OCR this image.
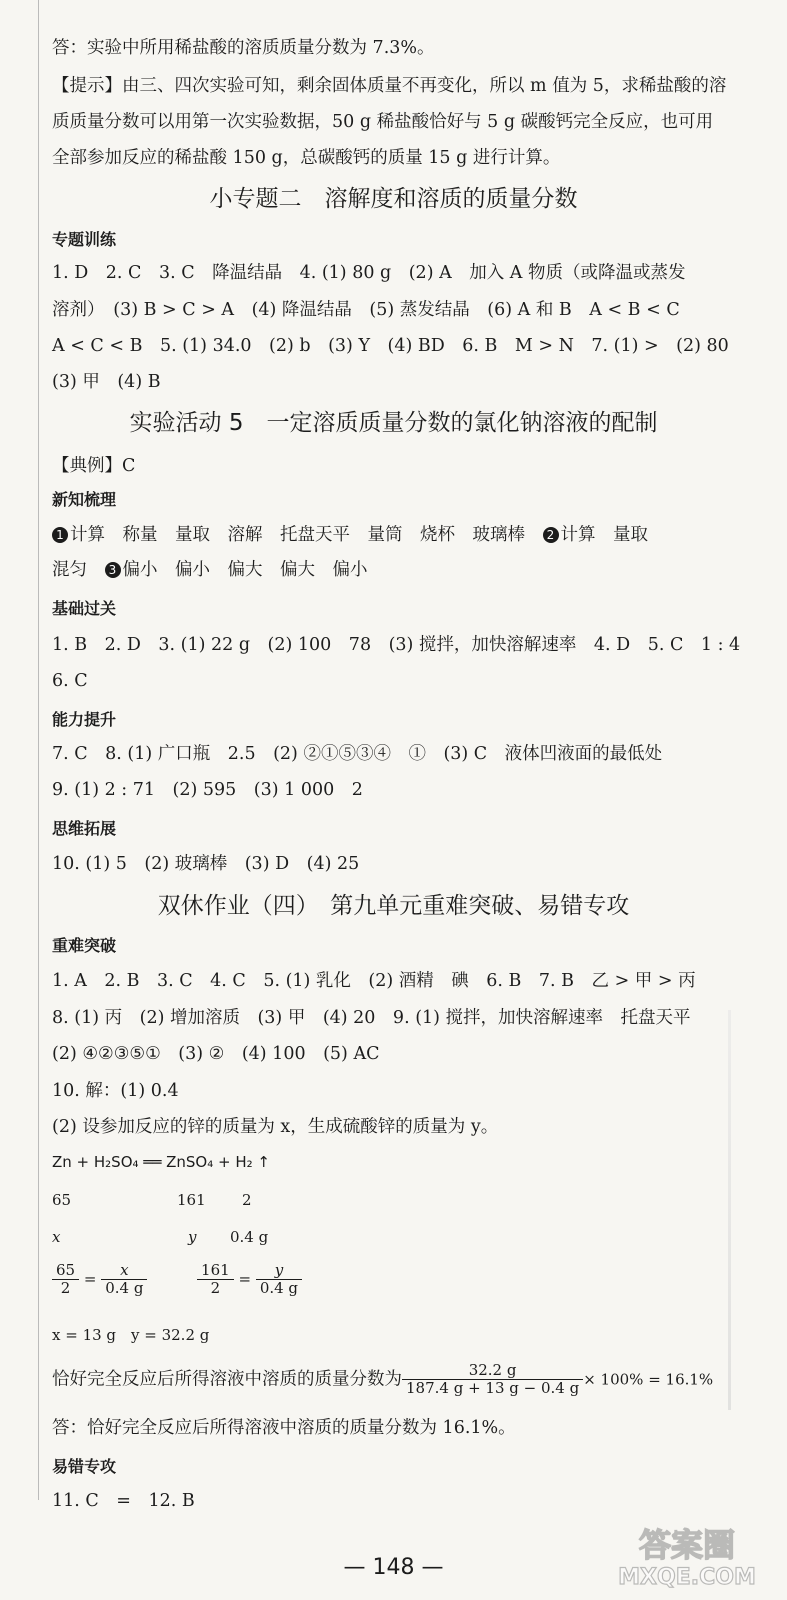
答：实验中所用稀盐酸的溶质质量分数为 7.3%。
【提示】由三、四次实验可知，剩余固体质量不再变化，所以 m 值为 5，求稀盐酸的溶
质质量分数可以用第一次实验数据，50 g 稀盐酸恰好与 5 g 碳酸钙完全反应，也可用
全部参加反应的稀盐酸 150 g，总碳酸钙的质量 15 g 进行计算。
小专题二　溶解度和溶质的质量分数
专题训练
1. D　2. C　3. C　降温结晶　4. (1) 80 g　(2) A　加入 A 物质（或降温或蒸发
溶剂）　(3) B > C > A　(4) 降温结晶　(5) 蒸发结晶　(6) A 和 B　A < B < C
A < C < B　5. (1) 34.0　(2) b　(3) Y　(4) BD　6. B　M > N　7. (1) >　(2) 80
(3) 甲　(4) B
实验活动 5　一定溶质质量分数的氯化钠溶液的配制
【典例】C
新知梳理
1 计算　称量　量取　溶解　托盘天平　量筒　烧杯　玻璃棒　 2 计算　量取
混匀　 3 偏小　偏小　偏大　偏大　偏小
基础过关
1. B　2. D　3. (1) 22 g　(2) 100　78　(3) 搅拌，加快溶解速率　4. D　5. C　1 : 4
6. C
能力提升
7. C　8. (1) 广口瓶　2.5　(2) ②①⑤③④　①　(3) C　液体凹液面的最低处
9. (1) 2 : 71　(2) 595　(3) 1 000　2
思维拓展
10. (1) 5　(2) 玻璃棒　(3) D　(4) 25
双休作业（四）　第九单元重难突破、易错专攻
重难突破
1. A　2. B　3. C　4. C　5. (1) 乳化　(2) 酒精　碘　6. B　7. B　乙 > 甲 > 丙
8. (1) 丙　(2) 增加溶质　(3) 甲　(4) 20　9. (1) 搅拌，加快溶解速率　托盘天平
(2) ④②③⑤①　(3) ②　(4) 100　(5) AC
10. 解：(1) 0.4
(2) 设参加反应的锌的质量为 x，生成硫酸锌的质量为 y。
Zn + H₂SO₄ ══ ZnSO₄ + H₂ ↑
65	161 2
x	y 0.4 g
$\frac{65}{2} = \frac{x}{0.4 g}$
	$\frac{161}{2} = \frac{y}{0.4 g}$
x = 13 g　y = 32.2 g
恰好完全反应后所得溶液中溶质的质量分数为 $\frac{32.2 g}{187.4 g + 13 g - 0.4 g} \times 100\% = 16.1\%$
答：恰好完全反应后所得溶液中溶质的质量分数为 16.1%。
易错专攻
11. C　=　12. B
— 148 —
答案圈
MXQE.COM
